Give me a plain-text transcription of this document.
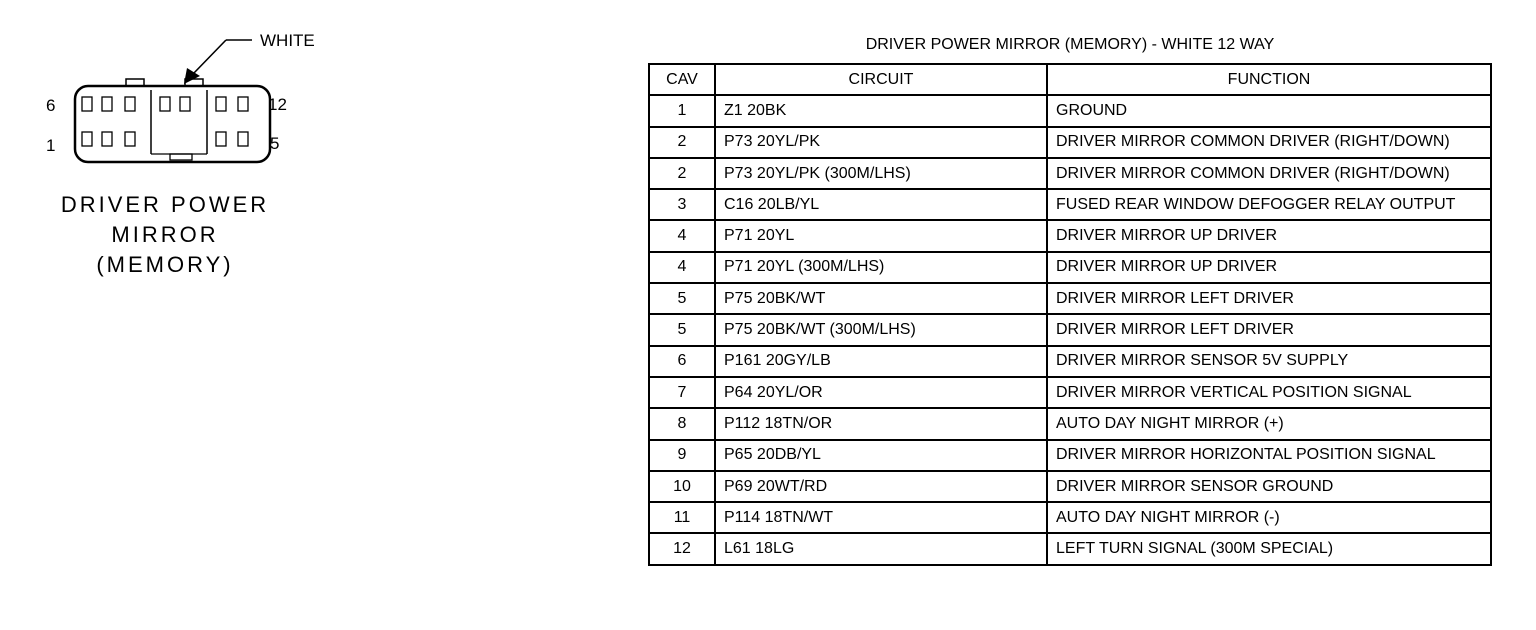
WHITE
6	12
1	5
DRIVER POWER
MIRROR
(MEMORY)
DRIVER POWER MIRROR (MEMORY) - WHITE 12 WAY
CAV	CIRCUIT	FUNCTION
1	Z1 20BK	GROUND
2	P73 20YL/PK	DRIVER MIRROR COMMON DRIVER (RIGHT/DOWN)
2	P73 20YL/PK (300M/LHS)	DRIVER MIRROR COMMON DRIVER (RIGHT/DOWN)
3	C16 20LB/YL	FUSED REAR WINDOW DEFOGGER RELAY OUTPUT
4	P71 20YL	DRIVER MIRROR UP DRIVER
4	P71 20YL (300M/LHS)	DRIVER MIRROR UP DRIVER
5	P75 20BK/WT	DRIVER MIRROR LEFT DRIVER
5	P75 20BK/WT (300M/LHS)	DRIVER MIRROR LEFT DRIVER
6	P161 20GY/LB	DRIVER MIRROR SENSOR 5V SUPPLY
7	P64 20YL/OR	DRIVER MIRROR VERTICAL POSITION SIGNAL
8	P112 18TN/OR	AUTO DAY NIGHT MIRROR (+)
9	P65 20DB/YL	DRIVER MIRROR HORIZONTAL POSITION SIGNAL
10	P69 20WT/RD	DRIVER MIRROR SENSOR GROUND
11	P114 18TN/WT	AUTO DAY NIGHT MIRROR (-)
12	L61 18LG	LEFT TURN SIGNAL (300M SPECIAL)
